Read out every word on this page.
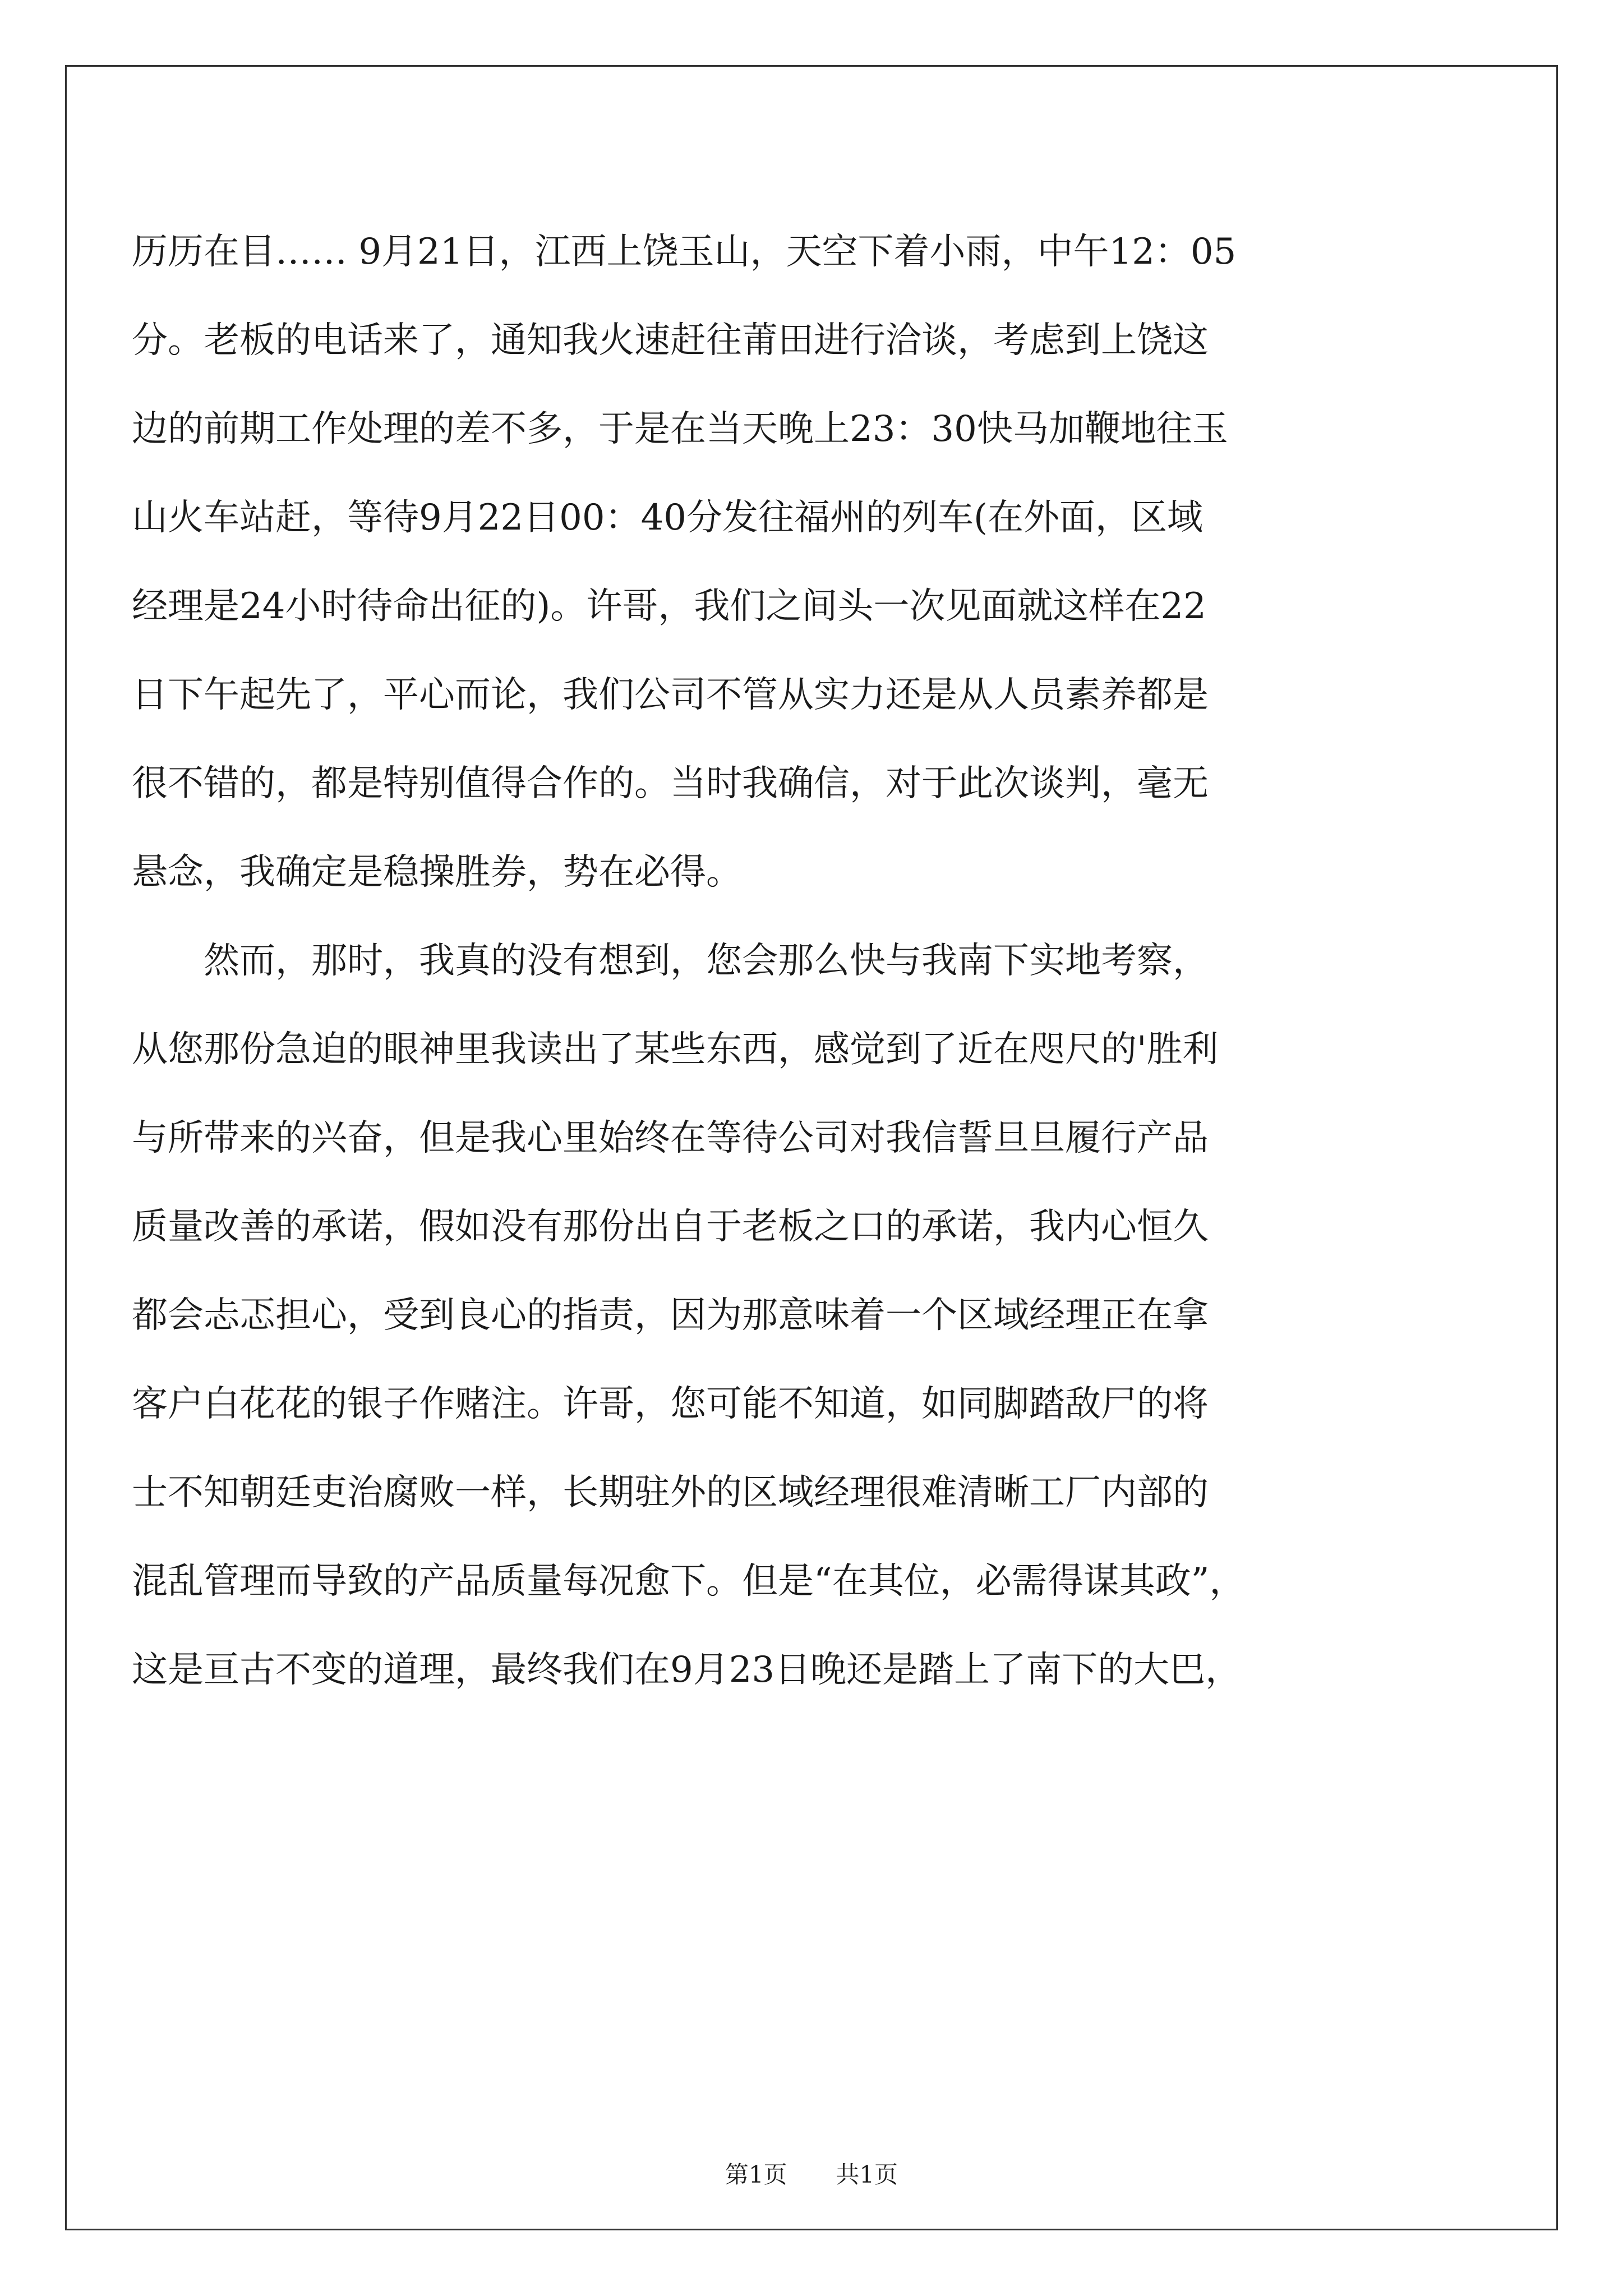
历历在目…… 9月21日，江西上饶玉山，天空下着小雨，中午12：05
分。老板的电话来了，通知我火速赶往莆田进行洽谈，考虑到上饶这
边的前期工作处理的差不多，于是在当天晚上23：30快马加鞭地往玉
山火车站赶，等待9月22日00：40分发往福州的列车(在外面，区域
经理是24小时待命出征的)。许哥，我们之间头一次见面就这样在22
日下午起先了，平心而论，我们公司不管从实力还是从人员素养都是
很不错的，都是特别值得合作的。当时我确信，对于此次谈判，毫无
悬念，我确定是稳操胜券，势在必得。
　　然而，那时，我真的没有想到，您会那么快与我南下实地考察，
从您那份急迫的眼神里我读出了某些东西，感觉到了近在咫尺的'胜利
与所带来的兴奋，但是我心里始终在等待公司对我信誓旦旦履行产品
质量改善的承诺，假如没有那份出自于老板之口的承诺，我内心恒久
都会忐忑担心，受到良心的指责，因为那意味着一个区域经理正在拿
客户白花花的银子作赌注。许哥，您可能不知道，如同脚踏敌尸的将
士不知朝廷吏治腐败一样，长期驻外的区域经理很难清晰工厂内部的
混乱管理而导致的产品质量每况愈下。但是“在其位，必需得谋其政”，
这是亘古不变的道理，最终我们在9月23日晚还是踏上了南下的大巴，
第1页 共1页
